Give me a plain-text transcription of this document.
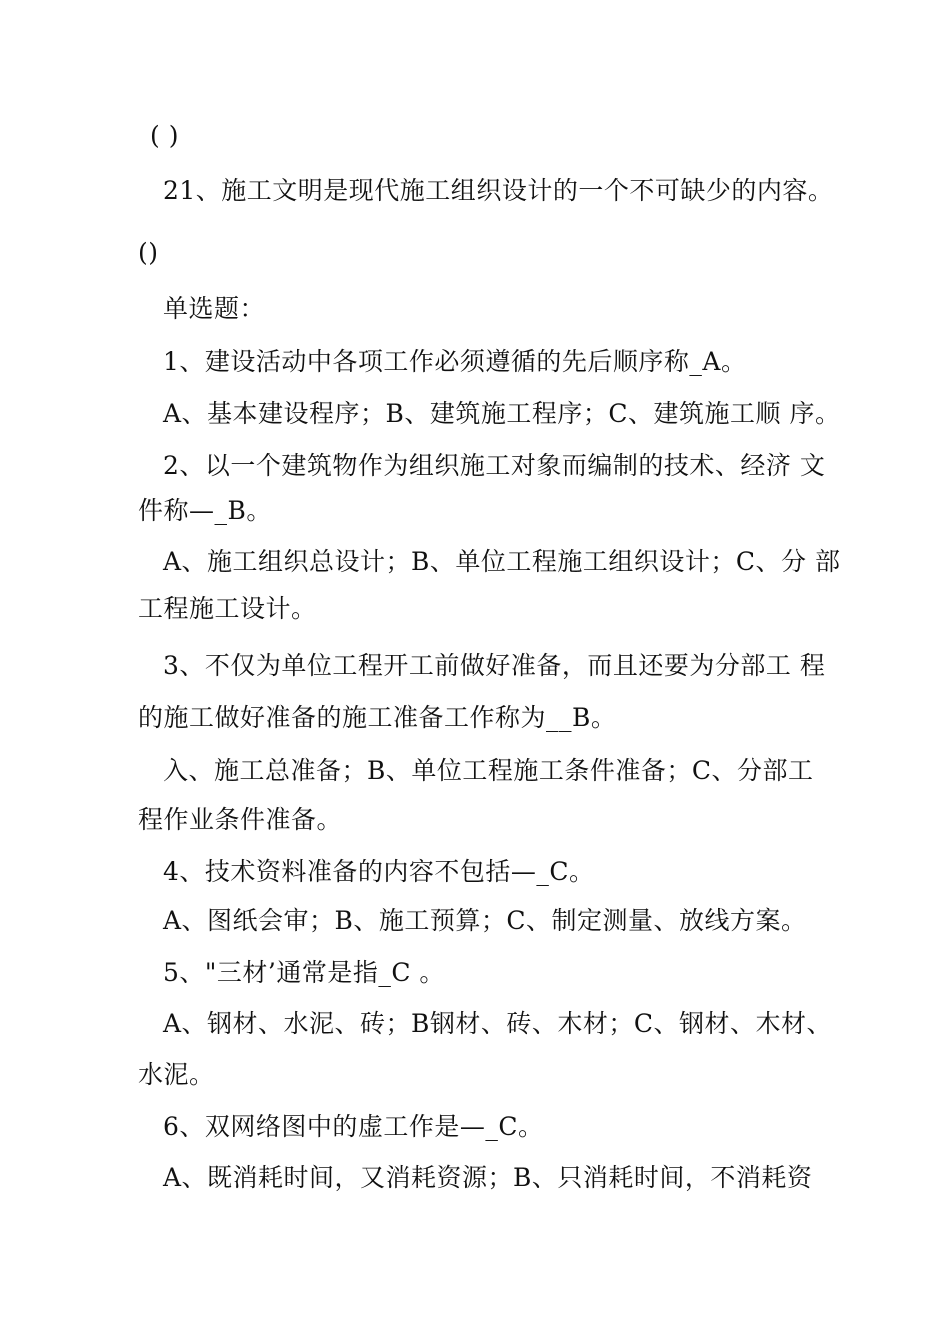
( )
21、施工文明是现代施工组织设计的一个不可缺少的内容。
()
单选题：
1、建设活动中各项工作必须遵循的先后顺序称_A。
A、基本建设程序；B、建筑施工程序；C、建筑施工顺 序。
2、以一个建筑物作为组织施工对象而编制的技术、经济 文
件称—_B。
A、施工组织总设计；B、单位工程施工组织设计；C、分 部
工程施工设计。
3、不仅为单位工程开工前做好准备，而且还要为分部工 程
的施工做好准备的施工准备工作称为__B。
入、施工总准备；B、单位工程施工条件准备；C、分部工
程作业条件准备。
4、技术资料准备的内容不包括—_C。
A、图纸会审；B、施工预算；C、制定测量、放线方案。
5、"三材’通常是指_C 。
A、钢材、水泥、砖；B钢材、砖、木材；C、钢材、木材、
水泥。
6、双网络图中的虚工作是—_C。
A、既消耗时间，又消耗资源；B、只消耗时间，不消耗资
